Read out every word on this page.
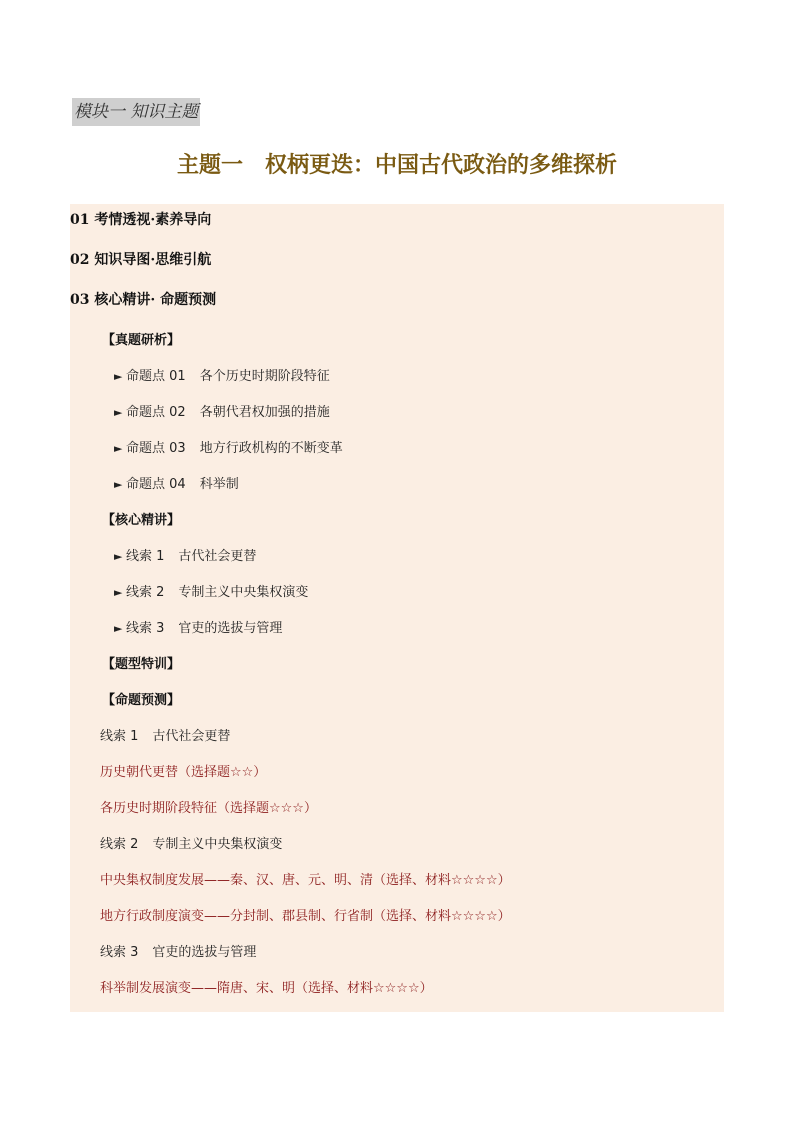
模块一 知识主题
主题一 权柄更迭：中国古代政治的多维探析
01 考情透视·素养导向
02 知识导图·思维引航
03 核心精讲· 命题预测
【真题研析】
► 命题点 01 各个历史时期阶段特征
► 命题点 02 各朝代君权加强的措施
► 命题点 03 地方行政机构的不断变革
► 命题点 04 科举制
【核心精讲】
► 线索 1 古代社会更替
► 线索 2 专制主义中央集权演变
► 线索 3 官吏的选拔与管理
【题型特训】
【命题预测】
线索 1 古代社会更替
历史朝代更替（选择题☆☆）
各历史时期阶段特征（选择题☆☆☆）
线索 2 专制主义中央集权演变
中央集权制度发展——秦、汉、唐、元、明、清（选择、材料☆☆☆☆）
地方行政制度演变——分封制、郡县制、行省制（选择、材料☆☆☆☆）
线索 3 官吏的选拔与管理
科举制发展演变——隋唐、宋、明（选择、材料☆☆☆☆）
